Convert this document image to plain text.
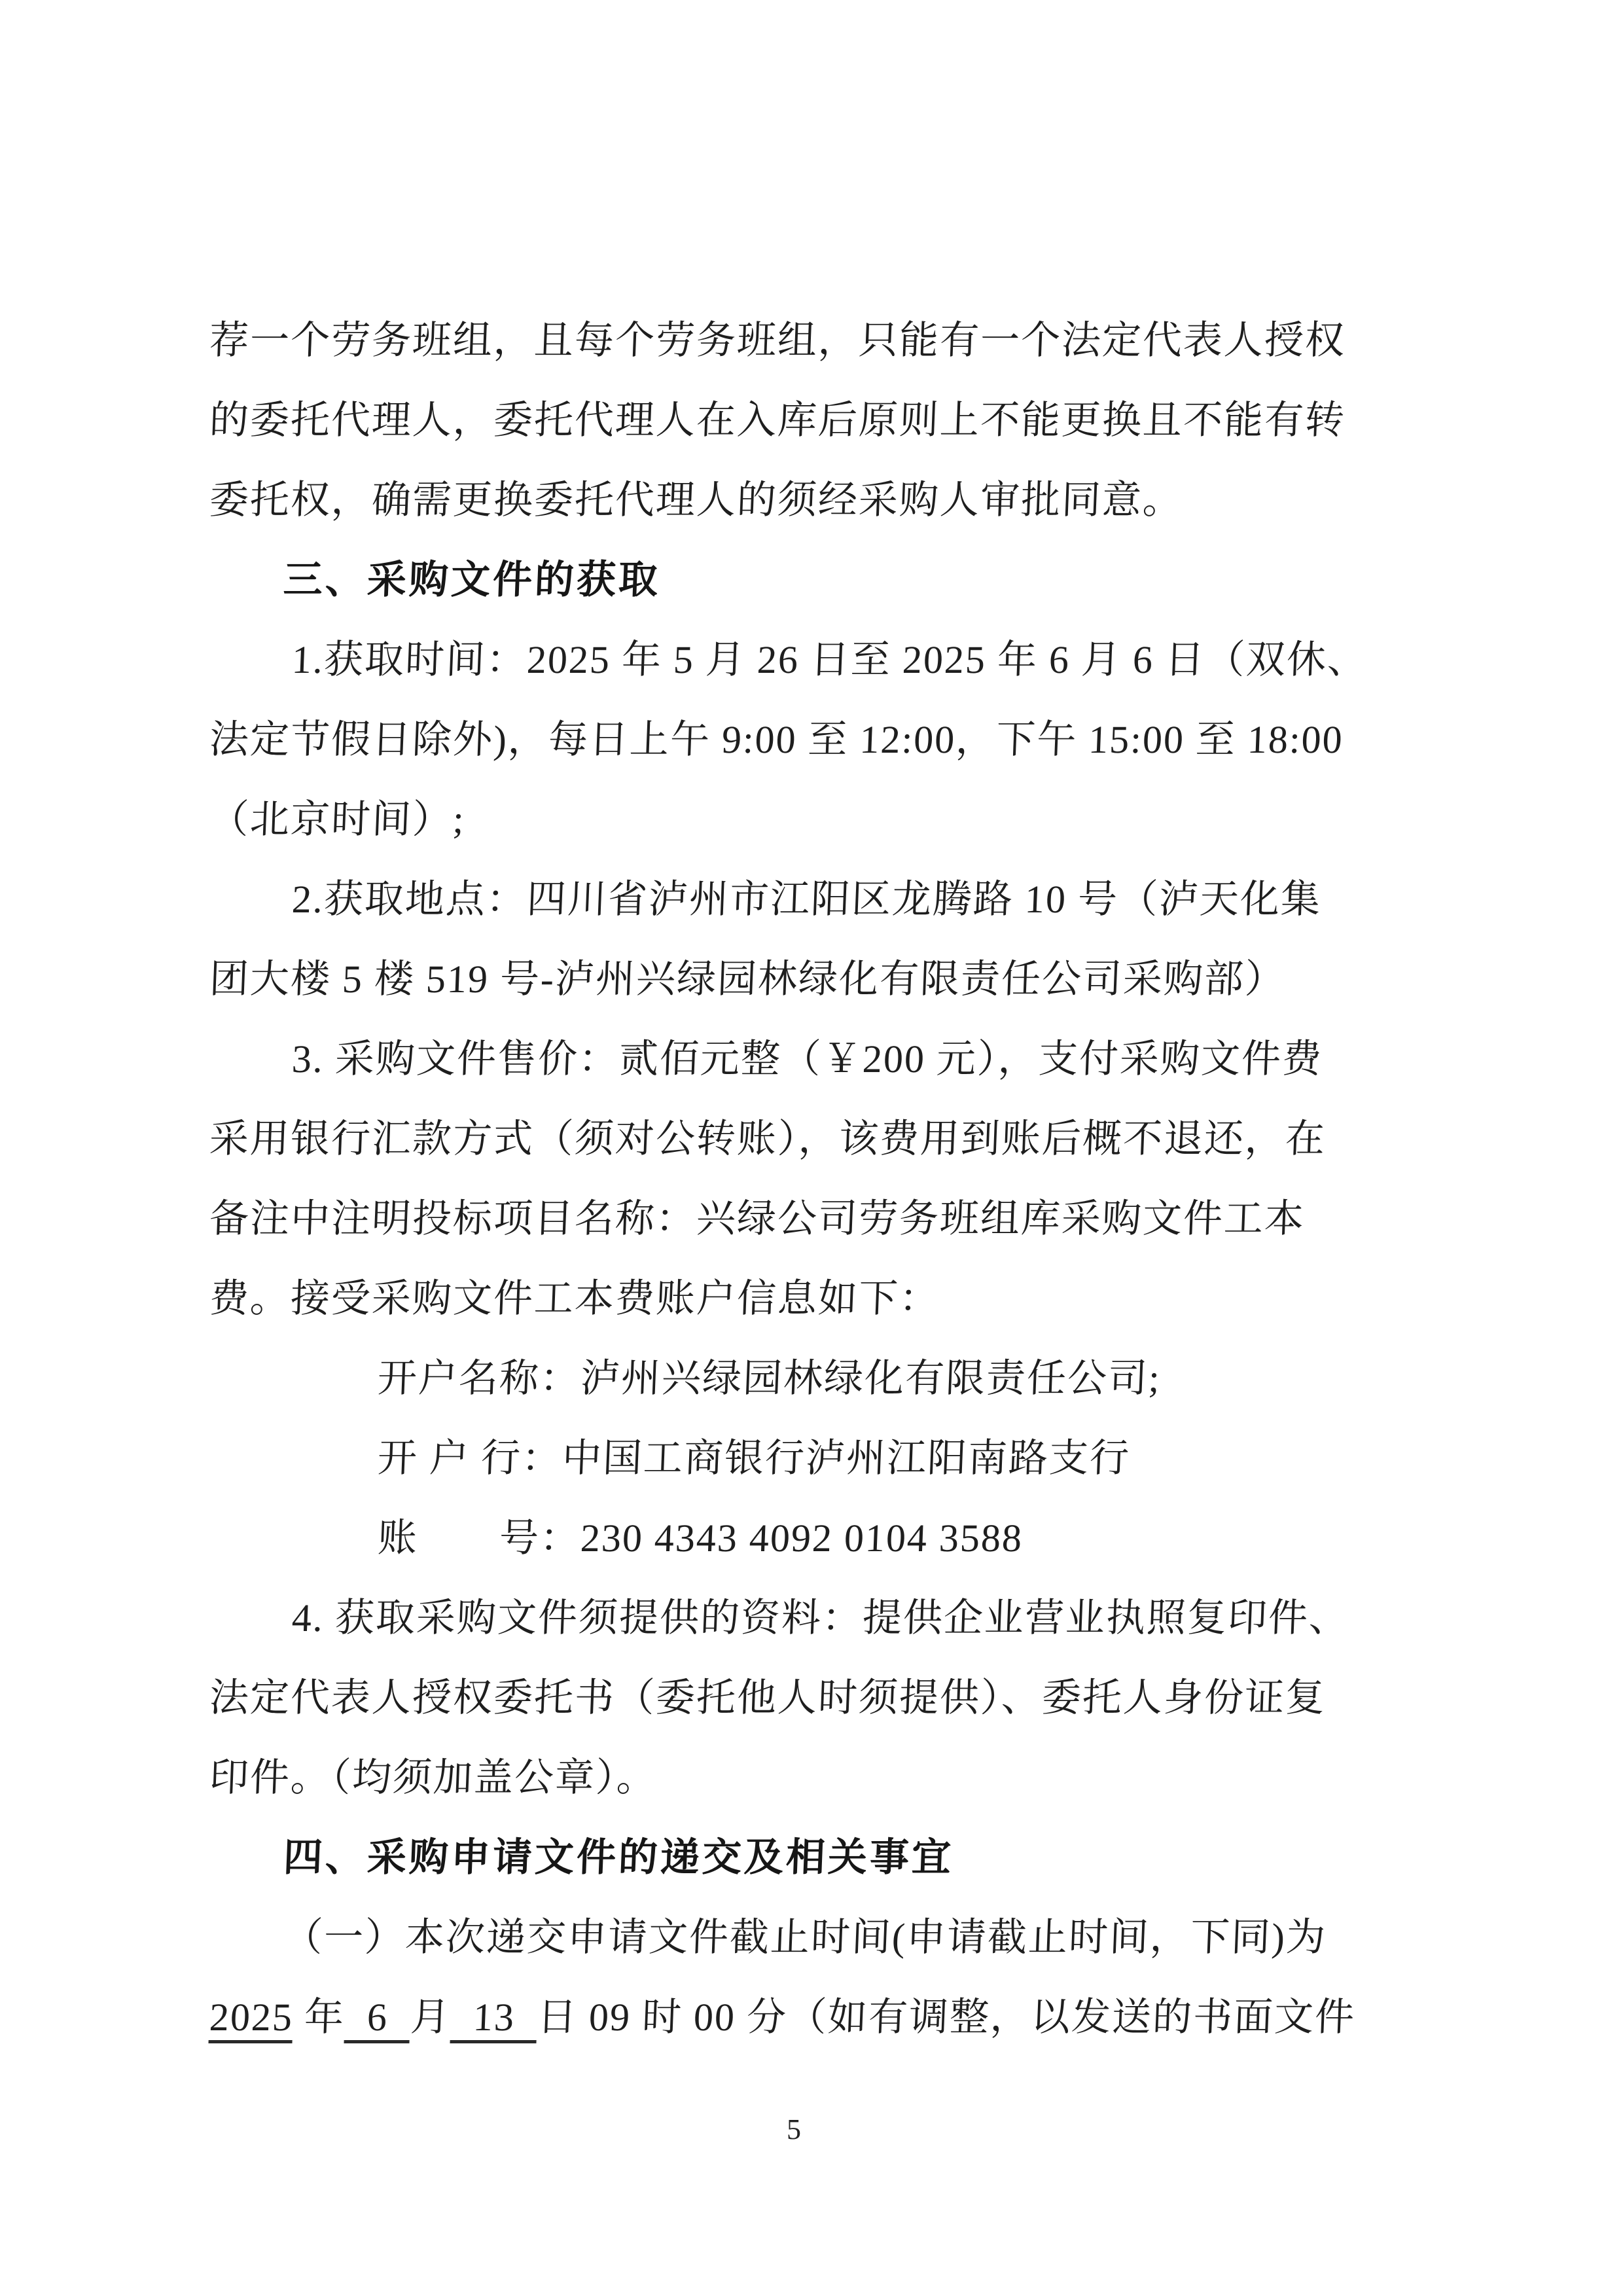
荐一个劳务班组，且每个劳务班组，只能有一个法定代表人授权
的委托代理人，委托代理人在入库后原则上不能更换且不能有转
委托权，确需更换委托代理人的须经采购人审批同意。
三、采购文件的获取
1.获取时间：2025 年 5 月 26 日至 2025 年 6 月 6 日（双休、
法定节假日除外)，每日上午 9:00 至 12:00，下午 15:00 至 18:00
（北京时间）;
2.获取地点：四川省泸州市江阳区龙腾路 10 号（泸天化集
团大楼 5 楼 519 号-泸州兴绿园林绿化有限责任公司采购部）
3. 采购文件售价：贰佰元整（￥200 元），支付采购文件费
采用银行汇款方式（须对公转账），该费用到账后概不退还，在
备注中注明投标项目名称：兴绿公司劳务班组库采购文件工本
费。接受采购文件工本费账户信息如下：
开户名称：泸州兴绿园林绿化有限责任公司;
开 户 行：中国工商银行泸州江阳南路支行
账　　号：230 4343 4092 0104 3588
4. 获取采购文件须提供的资料：提供企业营业执照复印件、
法定代表人授权委托书（委托他人时须提供）、委托人身份证复
印件。（均须加盖公章）。
四、采购申请文件的递交及相关事宜
（一）本次递交申请文件截止时间(申请截止时间，下同)为
2025 年  6  月  13  日 09 时 00 分（如有调整，以发送的书面文件
5
